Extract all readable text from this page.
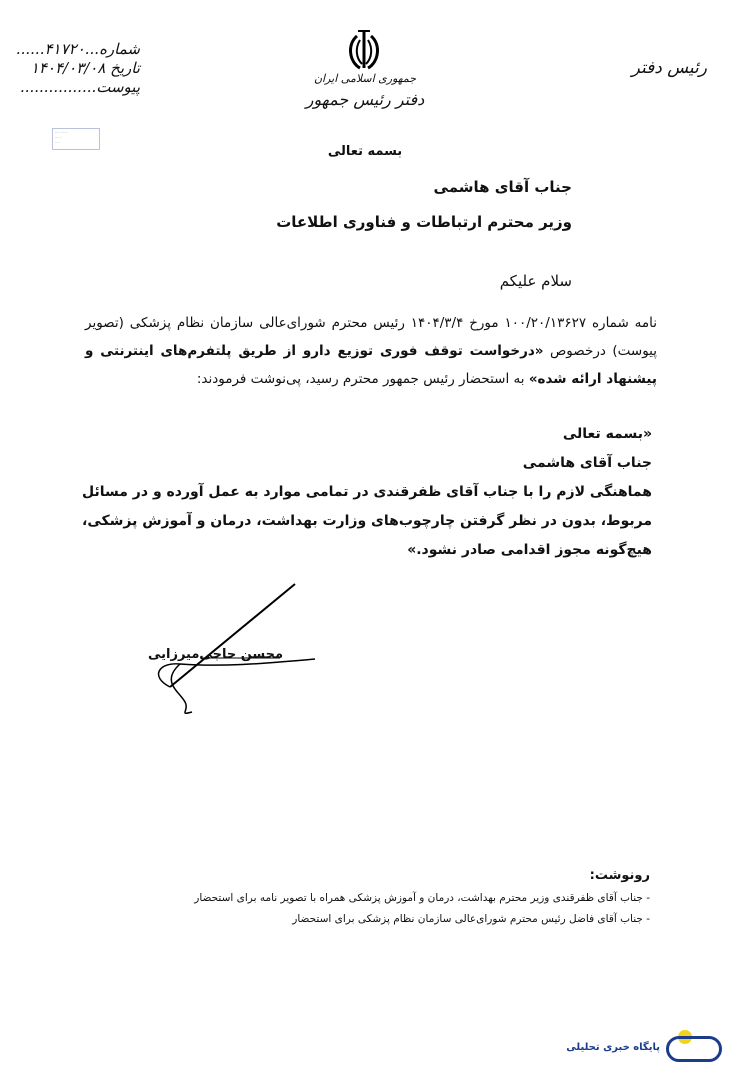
شماره...۴۱۷۲۰......
تاریخ ۱۴۰۴/۰۳/۰۸
پیوست................
............
......
.....
جمهوری اسلامی ایران
دفتر رئیس جمهور
بسمه تعالی
رئیس دفتر
جناب آقای هاشمی
وزیر محترم ارتباطات و فناوری اطلاعات
سلام علیکم
نامه شماره ۱۰۰/۲۰/۱۳۶۲۷ مورخ ۱۴۰۴/۳/۴ رئیس محترم شورای‌عالی سازمان نظام پزشکی (تصویر پیوست) درخصوص «درخواست توقف فوری توزیع دارو از طریق پلتفرم‌های اینترنتی و پیشنهاد ارائه شده» به استحضار رئیس جمهور محترم رسید، پی‌نوشت فرمودند:
«بسمه تعالی
جناب آقای هاشمی
هماهنگی لازم را با جناب آقای ظفرقندی در تمامی موارد به عمل آورده و در مسائل مربوط، بدون در نظر گرفتن چارچوب‌های وزارت بهداشت، درمان و آموزش پزشکی، هیچ‌گونه مجوز اقدامی صادر نشود.»
محسن حاجی‌میرزایی
رونوشت:
- جناب آقای ظفرقندی وزیر محترم بهداشت، درمان و آموزش پزشکی همراه با تصویر نامه برای استحضار
- جناب آقای فاضل رئیس محترم شورای‌عالی سازمان نظام پزشکی برای استحضار
پایگاه خبری تحلیلی
